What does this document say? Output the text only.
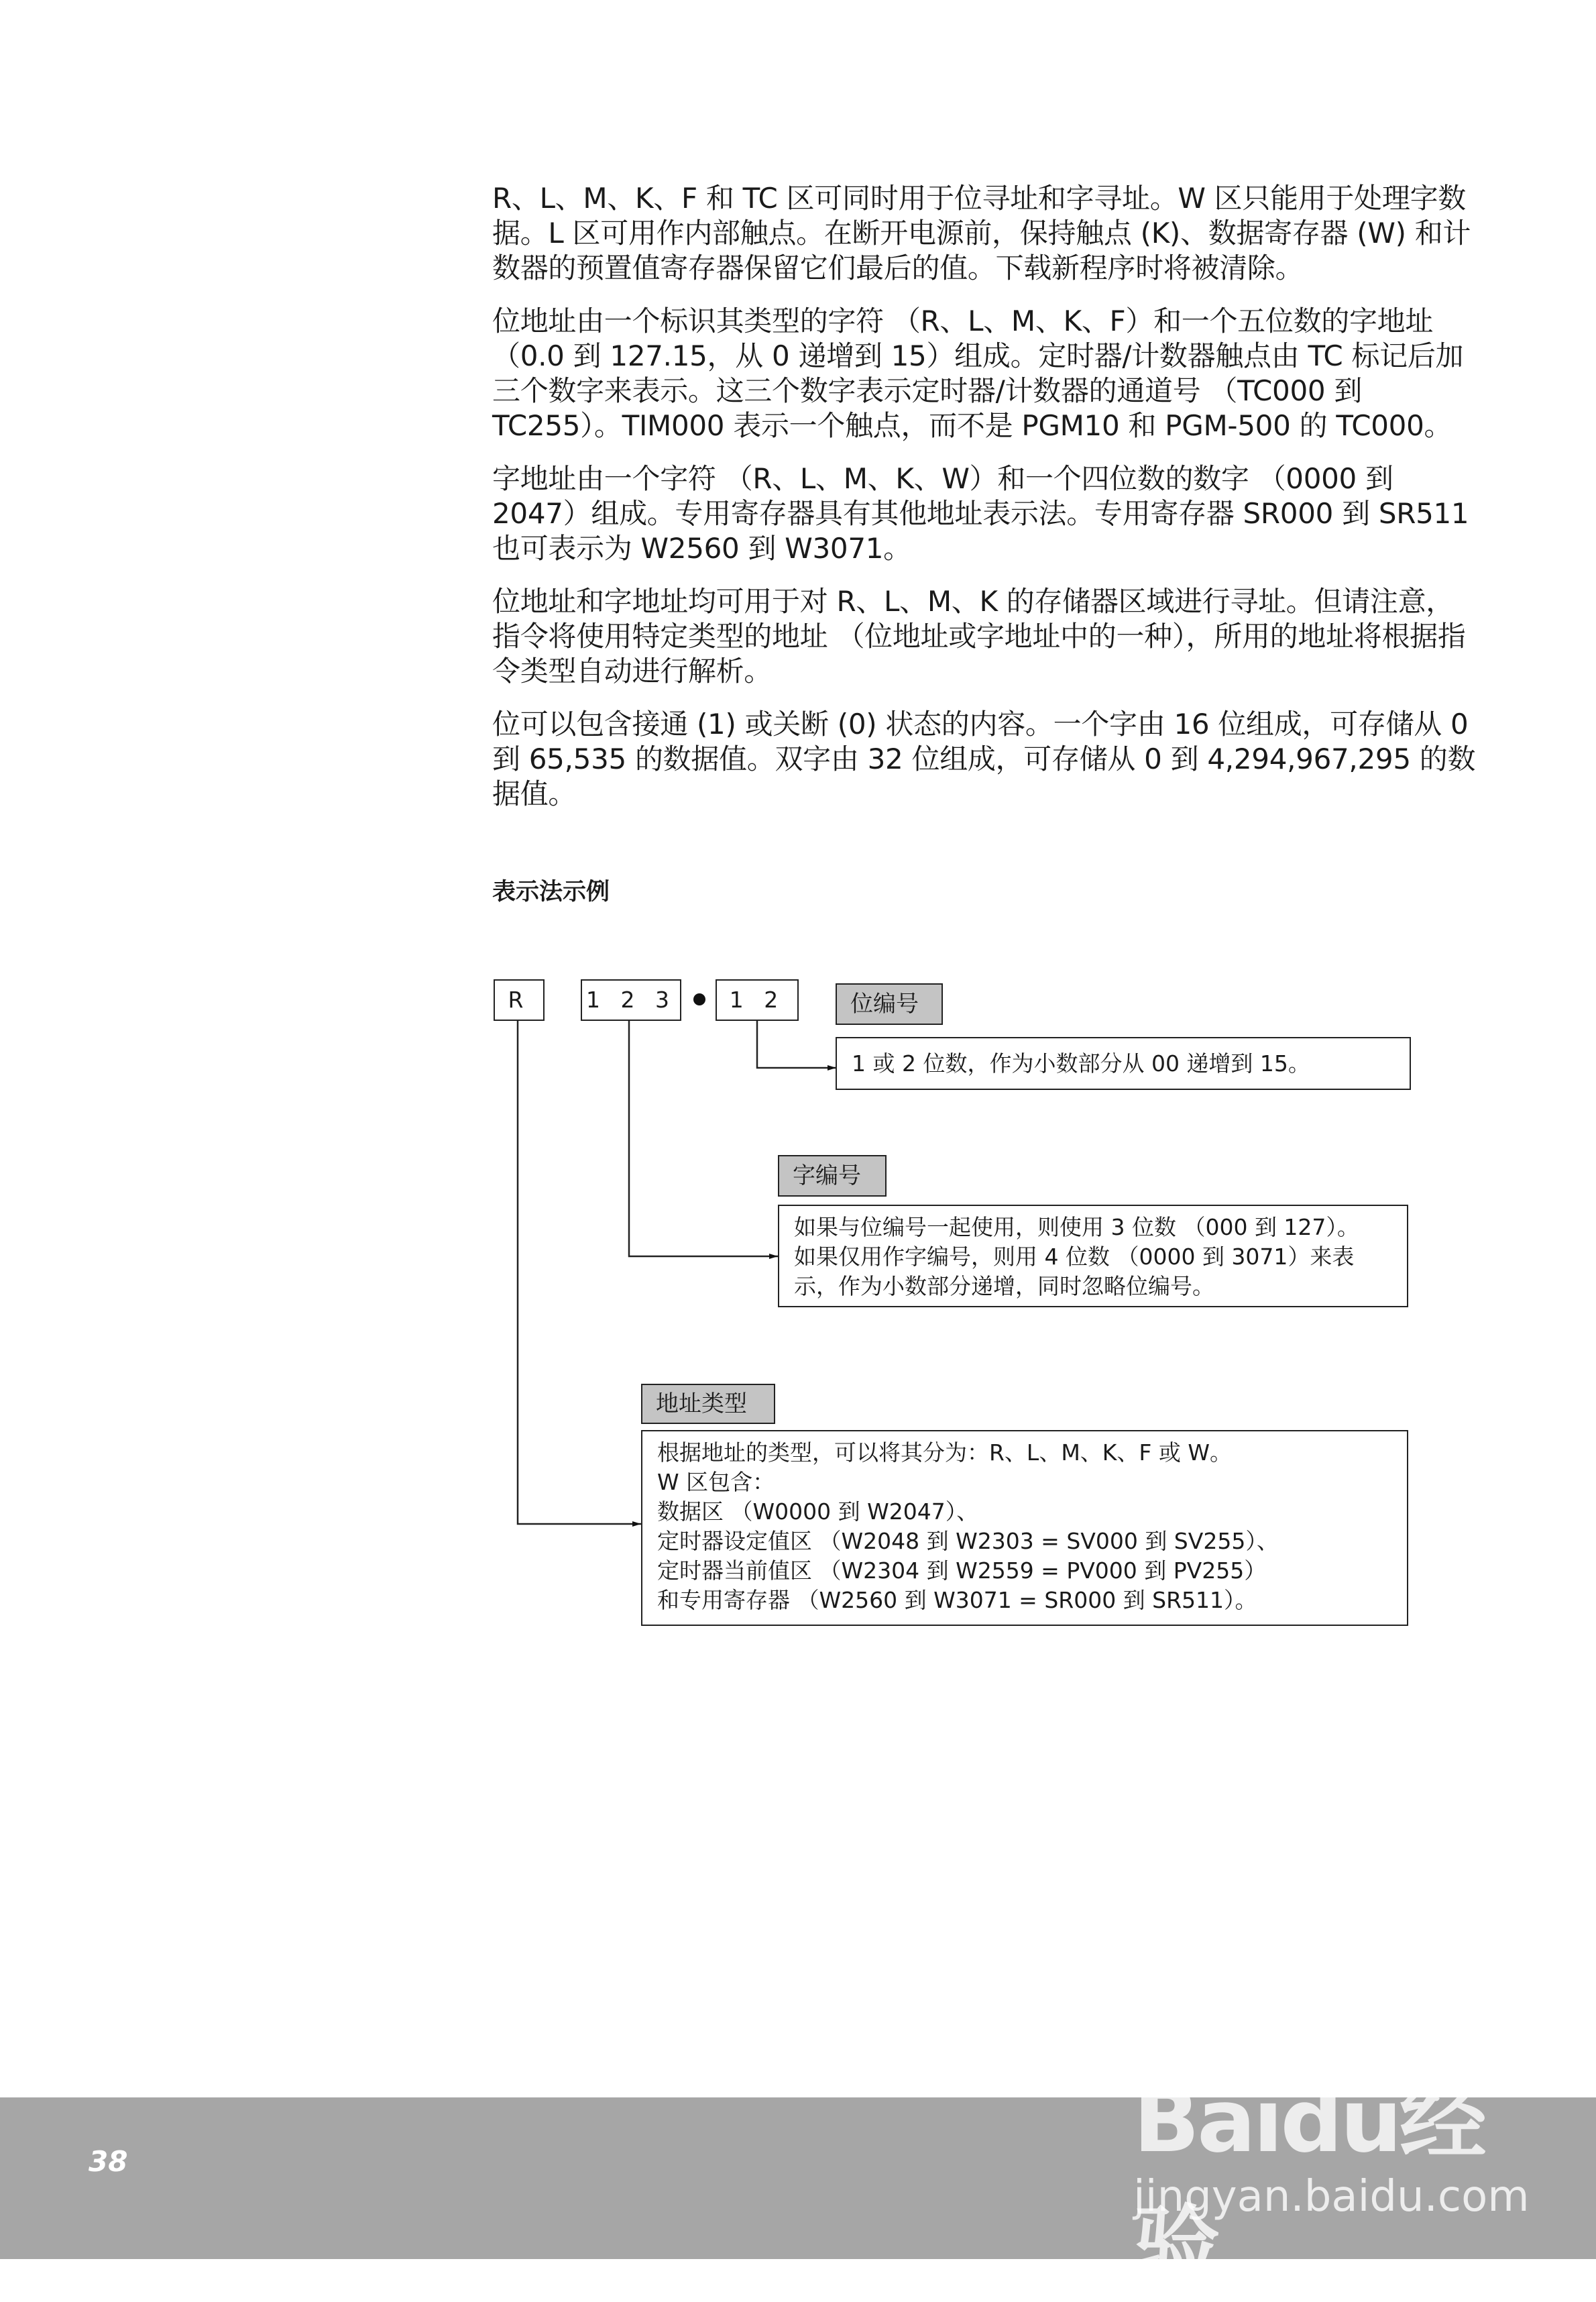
R、L、M、K、F 和 TC 区可同时用于位寻址和字寻址。W 区只能用于处理字数据。L 区可用作内部触点。在断开电源前，保持触点 (K)、数据寄存器 (W) 和计数器的预置值寄存器保留它们最后的值。下载新程序时将被清除。

位地址由一个标识其类型的字符 （R、L、M、K、F）和一个五位数的字地址 （0.0 到 127.15，从 0 递增到 15）组成。定时器/计数器触点由 TC 标记后加三个数字来表示。这三个数字表示定时器/计数器的通道号 （TC000 到 TC255）。TIM000 表示一个触点，而不是 PGM10 和 PGM-500 的 TC000。

字地址由一个字符 （R、L、M、K、W）和一个四位数的数字 （0000 到 2047）组成。专用寄存器具有其他地址表示法。专用寄存器 SR000 到 SR511 也可表示为 W2560 到 W3071。

位地址和字地址均可用于对 R、L、M、K 的存储器区域进行寻址。但请注意，指令将使用特定类型的地址 （位地址或字地址中的一种），所用的地址将根据指令类型自动进行解析。

位可以包含接通 (1) 或关断 (0) 状态的内容。一个字由 16 位组成，可存储从 0 到 65,535 的数据值。双字由 32 位组成，可存储从 0 到 4,294,967,295 的数据值。

表示法示例
R	1 2 3	1 2	位编号
1 或 2 位数，作为小数部分从 00 递增到 15。
字编号
如果与位编号一起使用，则使用 3 位数 （000 到 127）。
如果仅用作字编号，则用 4 位数 （0000 到 3071）来表
示，作为小数部分递增，同时忽略位编号。
地址类型
根据地址的类型，可以将其分为：R、L、M、K、F 或 W。
W 区包含：
数据区 （W0000 到 W2047）、
定时器设定值区 （W2048 到 W2303 = SV000 到 SV255）、
定时器当前值区 （W2304 到 W2559 = PV000 到 PV255）
和专用寄存器 （W2560 到 W3071 = SR000 到 SR511）。
38	Baidu经验
jingyan.baidu.com
